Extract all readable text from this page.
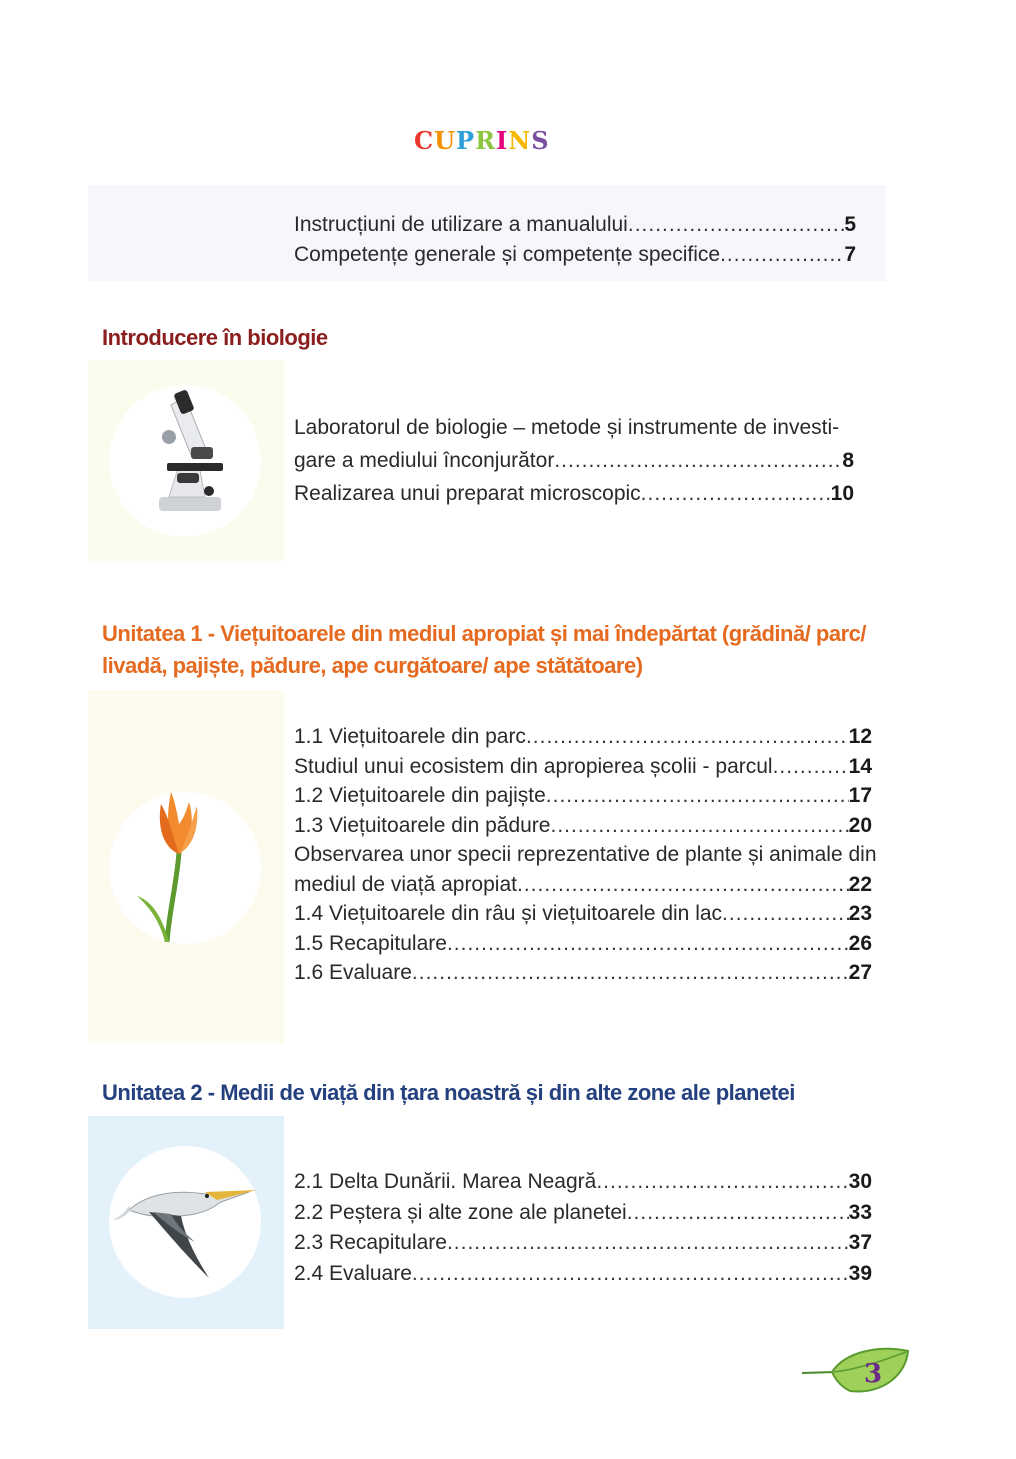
CUPRINS
Instrucțiuni de utilizare a manualului .....	5
Competențe generale și competențe specifice .....	7
Introducere în biologie
Laboratorul de biologie – metode și instrumente de investi-
gare a mediului înconjurător .....	8
Realizarea unui preparat microscopic .....	10
Unitatea 1 - Viețuitoarele din mediul apropiat și mai îndepărtat (grădină/ parc/
livadă, pajiște, pădure, ape curgătoare/ ape stătătoare)
1.1 Viețuitoarele din parc .....	12
Studiul unui ecosistem din apropierea școlii - parcul .....	14
1.2 Viețuitoarele din pajiște .....	17
1.3 Viețuitoarele din pădure .....	20
Observarea unor specii reprezentative de plante și animale din
mediul de viață apropiat .....	22
1.4 Viețuitoarele din râu și viețuitoarele din lac .....	23
1.5 Recapitulare .....	26
1.6 Evaluare .....	27
Unitatea 2 - Medii de viață din țara noastră și din alte zone ale planetei
2.1 Delta Dunării. Marea Neagră .....	30
2.2 Peștera și alte zone ale planetei .....	33
2.3 Recapitulare .....	37
2.4 Evaluare .....	39
3
